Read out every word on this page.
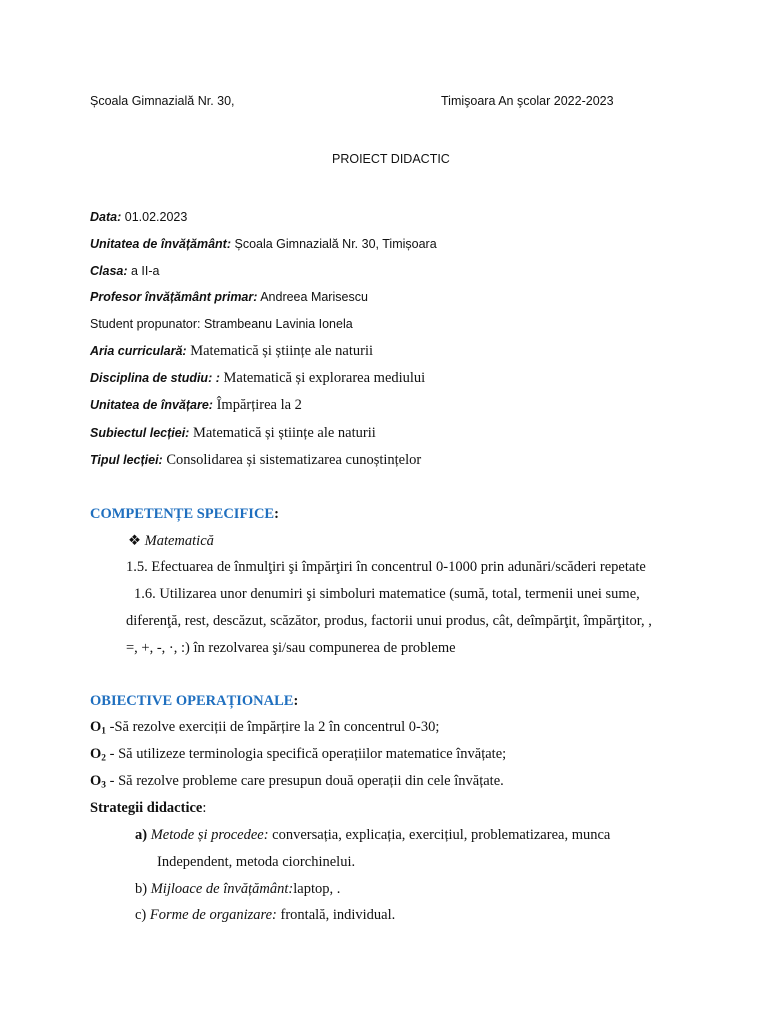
Școala Gimnazială Nr. 30,	Timişoara An şcolar 2022-2023
PROIECT DIDACTIC
Data: 01.02.2023
Unitatea de învățământ: Școala Gimnazială Nr. 30, Timișoara
Clasa: a II-a
Profesor învățământ primar: Andreea Marisescu
Student propunator: Strambeanu Lavinia Ionela
Aria curriculară: Matematică și științe ale naturii
Disciplina de studiu: : Matematică și explorarea mediului
Unitatea de învățare: Împărțirea la 2
Subiectul lecției: Matematică și științe ale naturii
Tipul lecției: Consolidarea și sistematizarea cunoștințelor
COMPETENȚE SPECIFICE:
❖ Matematică
1.5. Efectuarea de înmulţiri şi împărţiri în concentrul 0-1000 prin adunări/scăderi repetate
1.6. Utilizarea unor denumiri şi simboluri matematice (sumă, total, termenii unei sume,
diferenţă, rest, descăzut, scăzător, produs, factorii unui produs, cât, deîmpărţit, împărţitor, ,
=, +, -, ·, :) în rezolvarea şi/sau compunerea de probleme
OBIECTIVE OPERAȚIONALE:
$O_1$ -Să rezolve exerciții de împărțire la 2 în concentrul 0-30;
$O_2$ - Să utilizeze terminologia specifică operațiilor matematice învățate;
$O_3$ - Să rezolve probleme care presupun două operații din cele învățate.
Strategii didactice:
a) Metode și procedee: conversația, explicația, exercițiul, problematizarea, munca
Independent, metoda ciorchinelui.
b) Mijloace de învățământ:laptop, .
c) Forme de organizare: frontală, individual.
